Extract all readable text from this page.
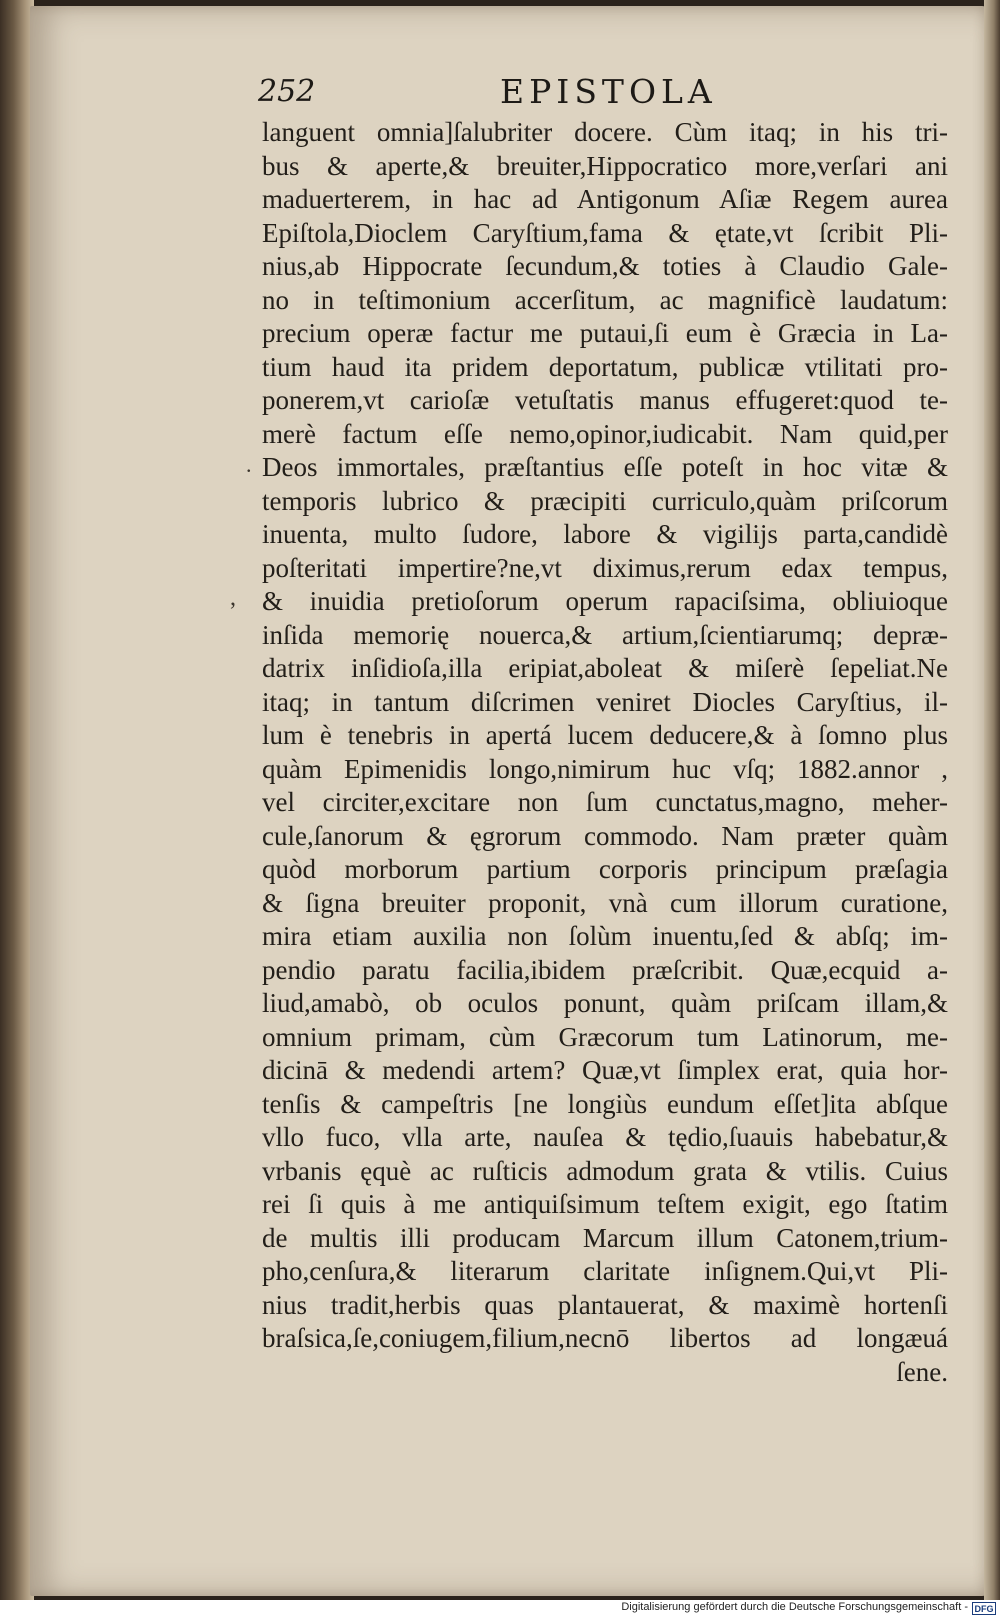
252	EPISTOLA
.
,
languent omnia]ſalubriter docere. Cùm itaq; in his tri-
bus & aperte,& breuiter,Hippocratico more,verſari ani
maduerterem, in hac ad Antigonum Aſiæ Regem aurea
Epiſtola,Dioclem Caryſtium,fama & ętate,vt ſcribit Pli-
nius,ab Hippocrate ſecundum,& toties à Claudio Gale-
no in teſtimonium accerſitum, ac magnificè laudatum:
precium operæ factur me putaui,ſi eum è Græcia in La-
tium haud ita pridem deportatum, publicæ vtilitati pro-
ponerem,vt carioſæ vetuſtatis manus effugeret:quod te-
merè factum eſſe nemo,opinor,iudicabit. Nam quid,per
Deos immortales, præſtantius eſſe poteſt in hoc vitæ &
temporis lubrico & præcipiti curriculo,quàm priſcorum
inuenta, multo ſudore, labore & vigilijs parta,candidè
poſteritati impertire?ne,vt diximus,rerum edax tempus,
& inuidia pretioſorum operum rapaciſsima, obliuioque
inſida memorię nouerca,& artium,ſcientiarumq; depræ-
datrix inſidioſa,illa eripiat,aboleat & miſerè ſepeliat.Ne
itaq; in tantum diſcrimen veniret Diocles Caryſtius, il-
lum è tenebris in apertá lucem deducere,& à ſomno plus
quàm Epimenidis longo,nimirum huc vſq; 1882.annor ,
vel circiter,excitare non ſum cunctatus,magno, meher-
cule,ſanorum & ęgrorum commodo. Nam præter quàm
quòd morborum partium corporis principum præſagia
& ſigna breuiter proponit, vnà cum illorum curatione,
mira etiam auxilia non ſolùm inuentu,ſed & abſq; im-
pendio paratu facilia,ibidem præſcribit. Quæ,ecquid a-
liud,amabò, ob oculos ponunt, quàm priſcam illam,&
omnium primam, cùm Græcorum tum Latinorum, me-
dicinā & medendi artem? Quæ,vt ſimplex erat, quia hor-
tenſis & campeſtris [ne longiùs eundum eſſet]ita abſque
vllo fuco, vlla arte, nauſea & tędio,ſuauis habebatur,&
vrbanis ęquè ac ruſticis admodum grata & vtilis. Cuius
rei ſi quis à me antiquiſsimum teſtem exigit, ego ſtatim
de multis illi producam Marcum illum Catonem,trium-
pho,cenſura,& literarum claritate inſignem.Qui,vt Pli-
nius tradit,herbis quas plantauerat, & maximè hortenſi
braſsica,ſe,coniugem,filium,necnō libertos ad longæuá
ſene.
Digitalisierung gefördert durch die Deutsche Forschungsgemeinschaft - DFG
